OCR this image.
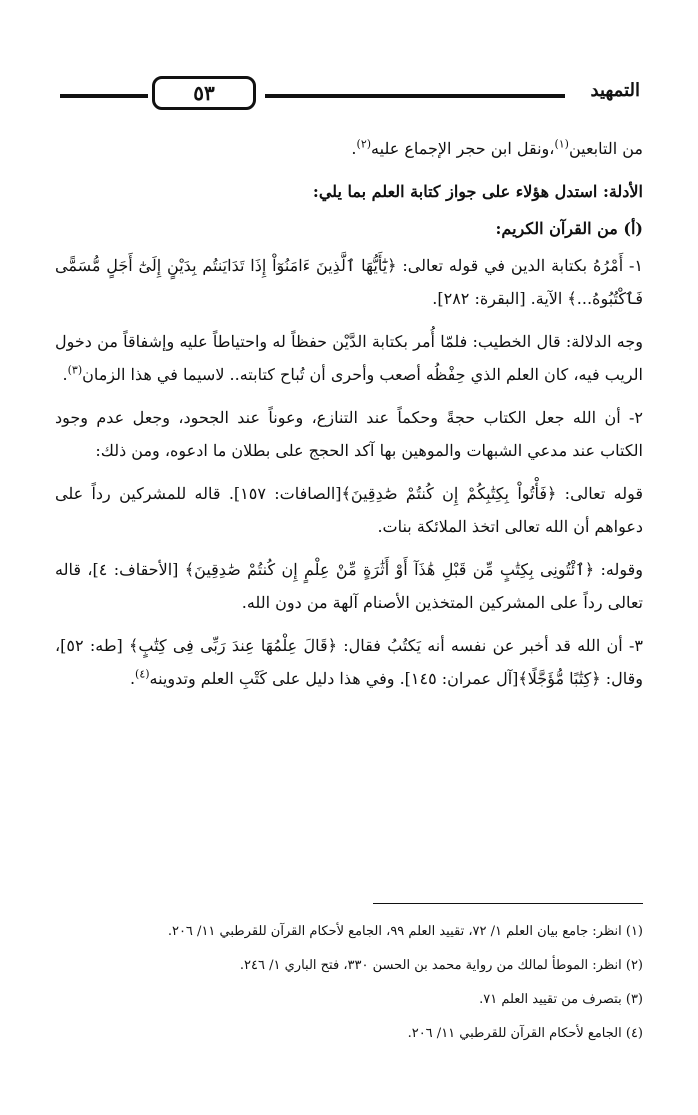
التمهيد
٥٣

من التابعين$^{(١)}$،ونقل ابن حجر الإجماع عليه$^{(٢)}$.

الأدلة: استدل هؤلاء على جواز كتابة العلم بما يلي:

(أ) من القرآن الكريم:

١- أَمْرُهُ بكتابة الدين في قوله تعالى: ﴿يَٰٓأَيُّهَا ٱلَّذِينَ ءَامَنُوٓاْ إِذَا تَدَايَنتُم بِدَيْنٍ إِلَىٰٓ أَجَلٍ مُّسَمًّى فَٱكْتُبُوهُ...﴾ الآية. [البقرة: ٢٨٢].

وجه الدلالة: قال الخطيب: فلمّا أُمر بكتابة الدَّيْن حفظاً له واحتياطاً عليه وإشفاقاً من دخول الريب فيه، كان العلم الذي حِفْظُه أصعب وأحرى أن تُباح كتابته.. لاسيما في هذا الزمان$^{(٣)}$.

٢- أن الله جعل الكتاب حجةً وحكماً عند التنازع، وعوناً عند الجحود، وجعل عدم وجود الكتاب عند مدعي الشبهات والموهين بها آكد الحجج على بطلان ما ادعوه، ومن ذلك:

قوله تعالى: ﴿فَأْتُواْ بِكِتَٰبِكُمْ إِن كُنتُمْ صَٰدِقِينَ﴾[الصافات: ١٥٧]. قاله للمشركين رداً على دعواهم أن الله تعالى اتخذ الملائكة بنات.

وقوله: ﴿ٱئْتُونِى بِكِتَٰبٍ مِّن قَبْلِ هَٰذَآ أَوْ أَثَٰرَةٍ مِّنْ عِلْمٍ إِن كُنتُمْ صَٰدِقِينَ﴾ [الأحقاف: ٤]، قاله تعالى رداً على المشركين المتخذين الأصنام آلهة من دون الله.

٣- أن الله قد أخبر عن نفسه أنه يَكتُبُ فقال: ﴿قَالَ عِلْمُهَا عِندَ رَبِّى فِى كِتَٰبٍ﴾ [طه: ٥٢]، وقال: ﴿كِتَٰبًا مُّؤَجَّلًا﴾[آل عمران: ١٤٥]. وفي هذا دليل على كَتْبِ العلم وتدوينه$^{(٤)}$.

(١) انظر: جامع بيان العلم ١/ ٧٢، تقييد العلم ٩٩، الجامع لأحكام القرآن للقرطبي ١١/ ٢٠٦.
(٢) انظر: الموطأ لمالك من رواية محمد بن الحسن ٣٣٠، فتح الباري ١/ ٢٤٦.
(٣) بتصرف من تقييد العلم ٧١.
(٤) الجامع لأحكام القرآن للقرطبي ١١/ ٢٠٦.
